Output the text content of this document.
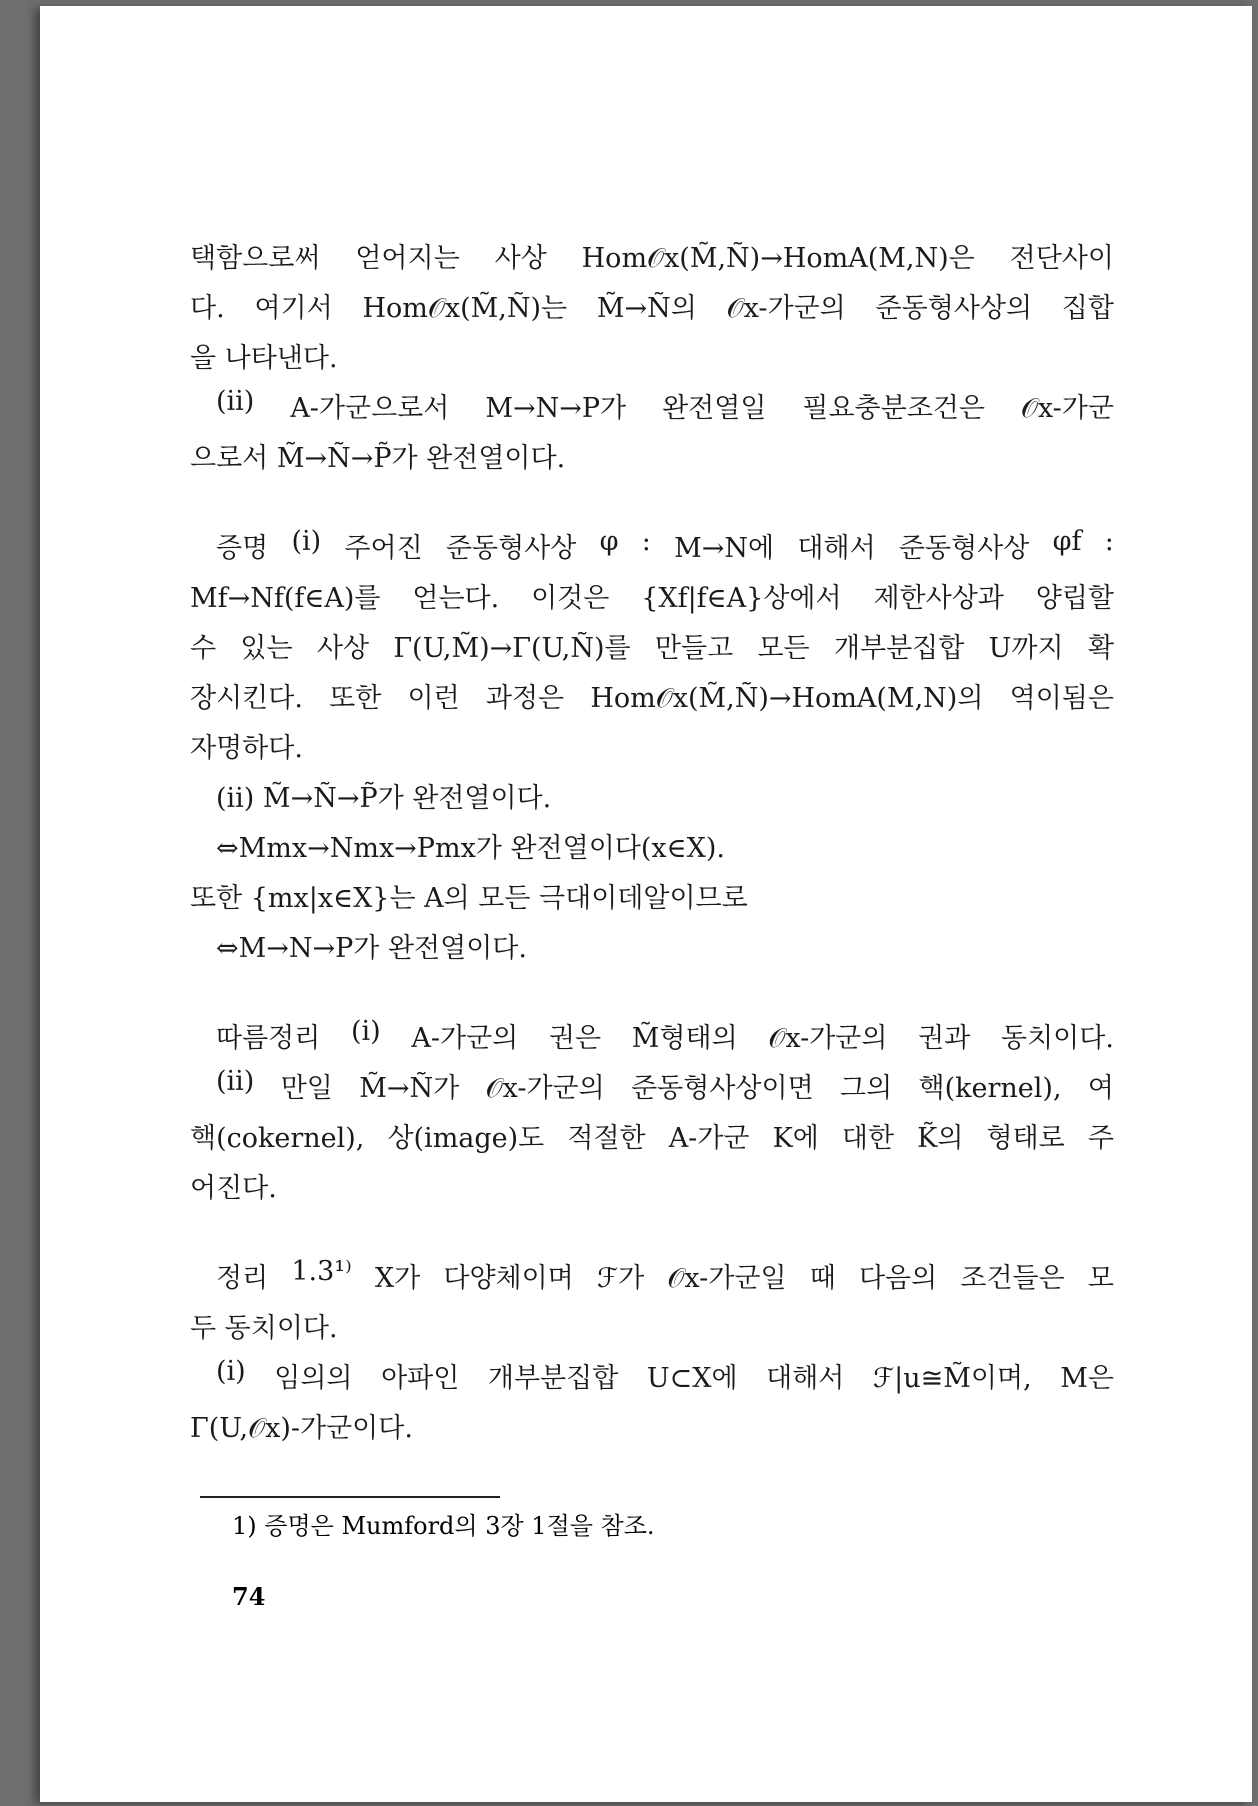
택함으로써 얻어지는 사상 Hom𝒪x(M̃,Ñ)→HomA(M,N)은 전단사이
다. 여기서 Hom𝒪x(M̃,Ñ)는 M̃→Ñ의 𝒪x-가군의 준동형사상의 집합
을 나타낸다.
(ii) A-가군으로서 M→N→P가 완전열일 필요충분조건은 𝒪x-가군
으로서 M̃→Ñ→P̃가 완전열이다.
증명 (i) 주어진 준동형사상 φ : M→N에 대해서 준동형사상 φf :
Mf→Nf(f∈A)를 얻는다. 이것은 {Xf|f∈A}상에서 제한사상과 양립할
수 있는 사상 Γ(U,M̃)→Γ(U,Ñ)를 만들고 모든 개부분집합 U까지 확
장시킨다. 또한 이런 과정은 Hom𝒪x(M̃,Ñ)→HomA(M,N)의 역이됨은
자명하다.
(ii) M̃→Ñ→P̃가 완전열이다.
⇔Mmx→Nmx→Pmx가 완전열이다(x∈X).
또한 {mx|x∈X}는 A의 모든 극대이데알이므로
⇔M→N→P가 완전열이다.
따름정리 (i) A-가군의 권은 M̃형태의 𝒪x-가군의 권과 동치이다.
(ii) 만일 M̃→Ñ가 𝒪x-가군의 준동형사상이면 그의 핵(kernel), 여
핵(cokernel), 상(image)도 적절한 A-가군 K에 대한 K̃의 형태로 주
어진다.
정리 1.3¹⁾ X가 다양체이며 ℱ가 𝒪x-가군일 때 다음의 조건들은 모
두 동치이다.
(i) 임의의 아파인 개부분집합 U⊂X에 대해서 ℱ|u≅M̃이며, M은
Γ(U,𝒪x)-가군이다.
1) 증명은 Mumford의 3장 1절을 참조.
74
